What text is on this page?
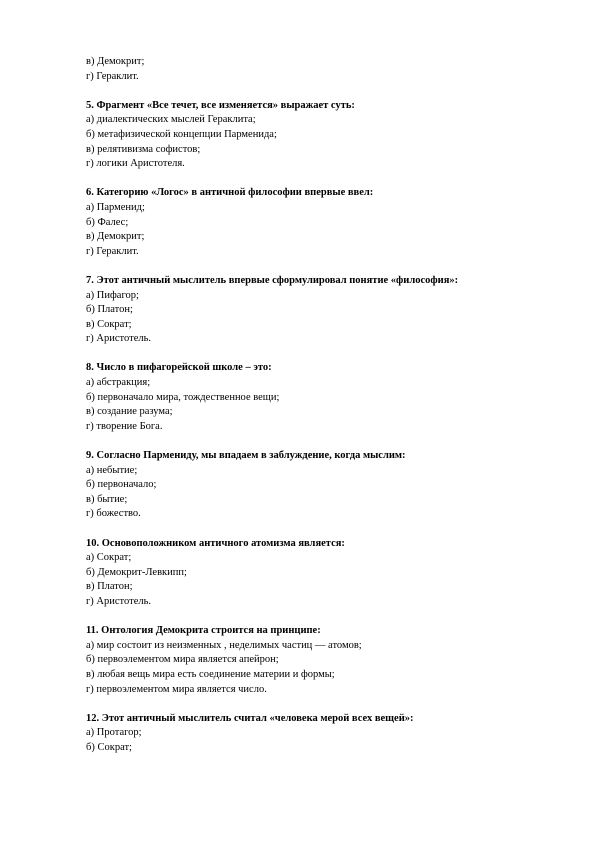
в) Демокрит;
г) Гераклит.
5. Фрагмент «Все течет, все изменяется» выражает суть:
а) диалектических мыслей Гераклита;
б) метафизической концепции Парменида;
в) релятивизма софистов;
г) логики Аристотеля.
6. Категорию «Логос» в античной философии впервые ввел:
а) Парменид;
б) Фалес;
в) Демокрит;
г) Гераклит.
7. Этот античный мыслитель впервые сформулировал понятие «философия»:
а) Пифагор;
б) Платон;
в) Сократ;
г) Аристотель.
8. Число в пифагорейской школе – это:
а) абстракция;
б) первоначало мира, тождественное вещи;
в) создание разума;
г) творение Бога.
9. Согласно Пармениду, мы впадаем в заблуждение, когда мыслим:
а) небытие;
б) первоначало;
в) бытие;
г) божество.
10. Основоположником античного атомизма является:
а) Сократ;
б) Демокрит-Левкипп;
в) Платон;
г) Аристотель.
11. Онтология Демокрита строится на принципе:
а) мир состоит из неизменных , неделимых частиц — атомов;
б) первоэлементом мира является апейрон;
в) любая вещь мира есть соединение материи и формы;
г) первоэлементом мира является число.
12. Этот античный мыслитель считал «человека мерой всех вещей»:
а) Протагор;
б) Сократ;
